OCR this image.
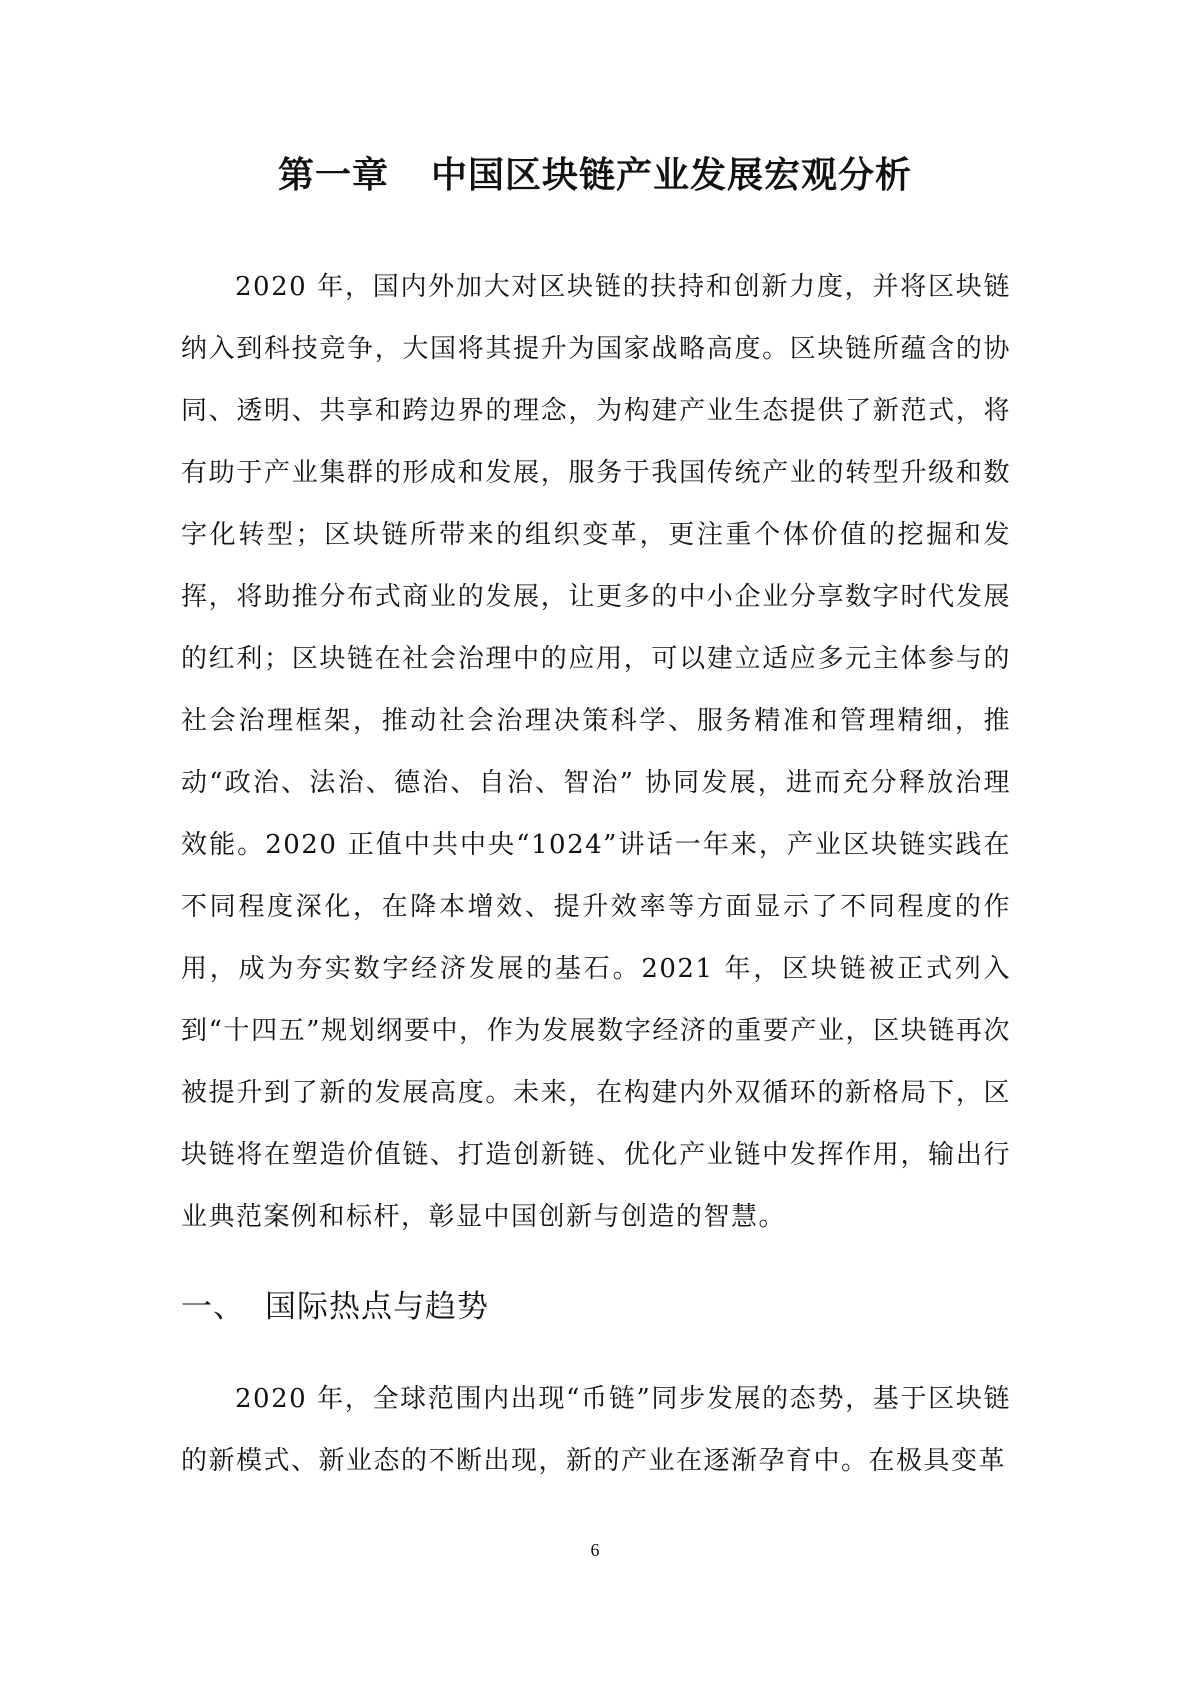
第一章 中国区块链产业发展宏观分析

2020 年，国内外加大对区块链的扶持和创新力度，并将区块链纳入到科技竞争，大国将其提升为国家战略高度。区块链所蕴含的协同、透明、共享和跨边界的理念，为构建产业生态提供了新范式，将有助于产业集群的形成和发展，服务于我国传统产业的转型升级和数字化转型；区块链所带来的组织变革，更注重个体价值的挖掘和发挥，将助推分布式商业的发展，让更多的中小企业分享数字时代发展的红利；区块链在社会治理中的应用，可以建立适应多元主体参与的社会治理框架，推动社会治理决策科学、服务精准和管理精细，推动“政治、法治、德治、自治、智治” 协同发展，进而充分释放治理效能。2020 正值中共中央“1024”讲话一年来，产业区块链实践在不同程度深化，在降本增效、提升效率等方面显示了不同程度的作用，成为夯实数字经济发展的基石。2021 年，区块链被正式列入到“十四五”规划纲要中，作为发展数字经济的重要产业，区块链再次被提升到了新的发展高度。未来，在构建内外双循环的新格局下，区块链将在塑造价值链、打造创新链、优化产业链中发挥作用，输出行业典范案例和标杆，彰显中国创新与创造的智慧。

一、 国际热点与趋势

2020 年，全球范围内出现“币链”同步发展的态势，基于区块链的新模式、新业态的不断出现，新的产业在逐渐孕育中。在极具变革

6
